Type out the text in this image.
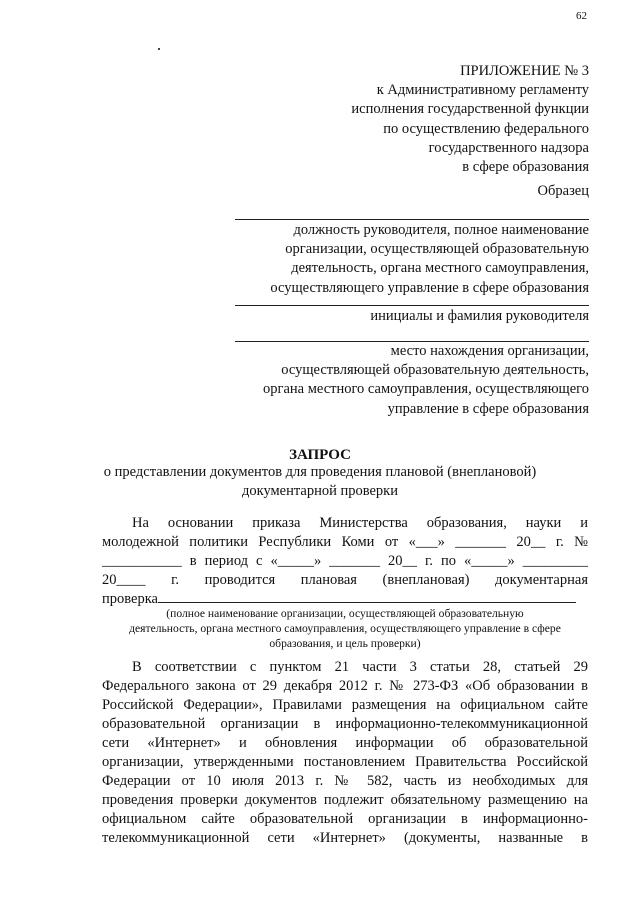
62
ПРИЛОЖЕНИЕ № 3
к Административному регламенту
исполнения государственной функции
по осуществлению федерального
государственного надзора
в сфере образования
Образец
должность руководителя, полное наименование
организации, осуществляющей образовательную
деятельность, органа местного самоуправления,
осуществляющего управление в сфере образования
инициалы и фамилия руководителя
место нахождения организации,
осуществляющей образовательную деятельность,
органа местного самоуправления, осуществляющего
управление в сфере образования
ЗАПРОС
о представлении документов для проведения плановой (внеплановой)
документарной проверки
На основании приказа Министерства образования, науки и
молодежной политики Республики Коми от «___» _______ 20__ г. №
___________ в период с «_____» _______ 20__ г. по «_____» _________
20____ г. проводится плановая (внеплановая) документарная
проверка
(полное наименование организации, осуществляющей образовательную
деятельность, органа местного самоуправления, осуществляющего управление в сфере
образования, и цель проверки)
В соответствии с пунктом 21 части 3 статьи 28, статьей 29
Федерального закона от 29 декабря 2012 г. № 273-ФЗ «Об образовании в
Российской Федерации», Правилами размещения на официальном сайте
образовательной организации в информационно-телекоммуникационной
сети «Интернет» и обновления информации об образовательной
организации, утвержденными постановлением Правительства Российской
Федерации от 10 июля 2013 г. № 582, часть из необходимых для
проведения проверки документов подлежит обязательному размещению на
официальном сайте образовательной организации в информационно-
телекоммуникационной сети «Интернет» (документы, названные в
